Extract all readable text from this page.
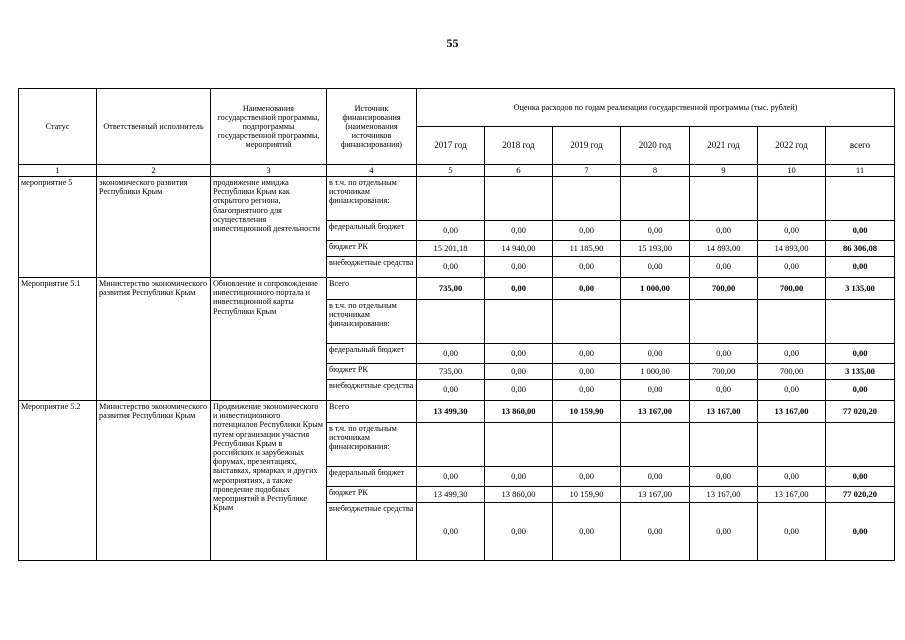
55
Статус	Ответственный исполнитель	Наименования государственной программы, подпрограммы государственной программы, мероприятий	Источник финансирования (наименования источников финансирования)	Оценка расходов по годам реализации государственной программы (тыс. рублей)						
				2017 год	2018 год	2019 год	2020 год	2021 год	2022 год	всего
1	2	3	4	5	6	7	8	9	10	11
мероприятие 5	экономического развития Республики Крым	продвижение имиджа Республики Крым как открытого региона, благоприятного для осуществления инвестиционной деятельности	в т.ч. по отдельным источникам финансирования:							
			федеральный бюджет	0,00	0,00	0,00	0,00	0,00	0,00	0,00
			бюджет РК	15 201,18	14 940,00	11 185,90	15 193,00	14 893,00	14 893,00	86 306,08
			внебюджетные средства	0,00	0,00	0,00	0,00	0,00	0,00	0,00
Мероприятие 5.1	Министерство экономического развития Республики Крым	Обновление и сопровождение инвестиционного портала и инвестиционной карты Республики Крым	Всего	735,00	0,00	0,00	1 000,00	700,00	700,00	3 135,00
			в т.ч. по отдельным источникам финансирования:							
			федеральный бюджет	0,00	0,00	0,00	0,00	0,00	0,00	0,00
			бюджет РК	735,00	0,00	0,00	1 000,00	700,00	700,00	3 135,00
			внебюджетные средства	0,00	0,00	0,00	0,00	0,00	0,00	0,00
Мероприятие 5.2	Министерство экономического развития Республики Крым	Продвижение экономического и инвестиционного потенциалов Республики Крым путем организации участия Республики Крым в российских и зарубежных форумах, презентациях, выставках, ярмарках и других мероприятиях, а также проведение подобных мероприятий в Республике Крым	Всего	13 499,30	13 860,00	10 159,90	13 167,00	13 167,00	13 167,00	77 020,20
			в т.ч. по отдельным источникам финансирования:							
			федеральный бюджет	0,00	0,00	0,00	0,00	0,00	0,00	0,00
			бюджет РК	13 499,30	13 860,00	10 159,90	13 167,00	13 167,00	13 167,00	77 020,20
			внебюджетные средства	0,00	0,00	0,00	0,00	0,00	0,00	0,00
